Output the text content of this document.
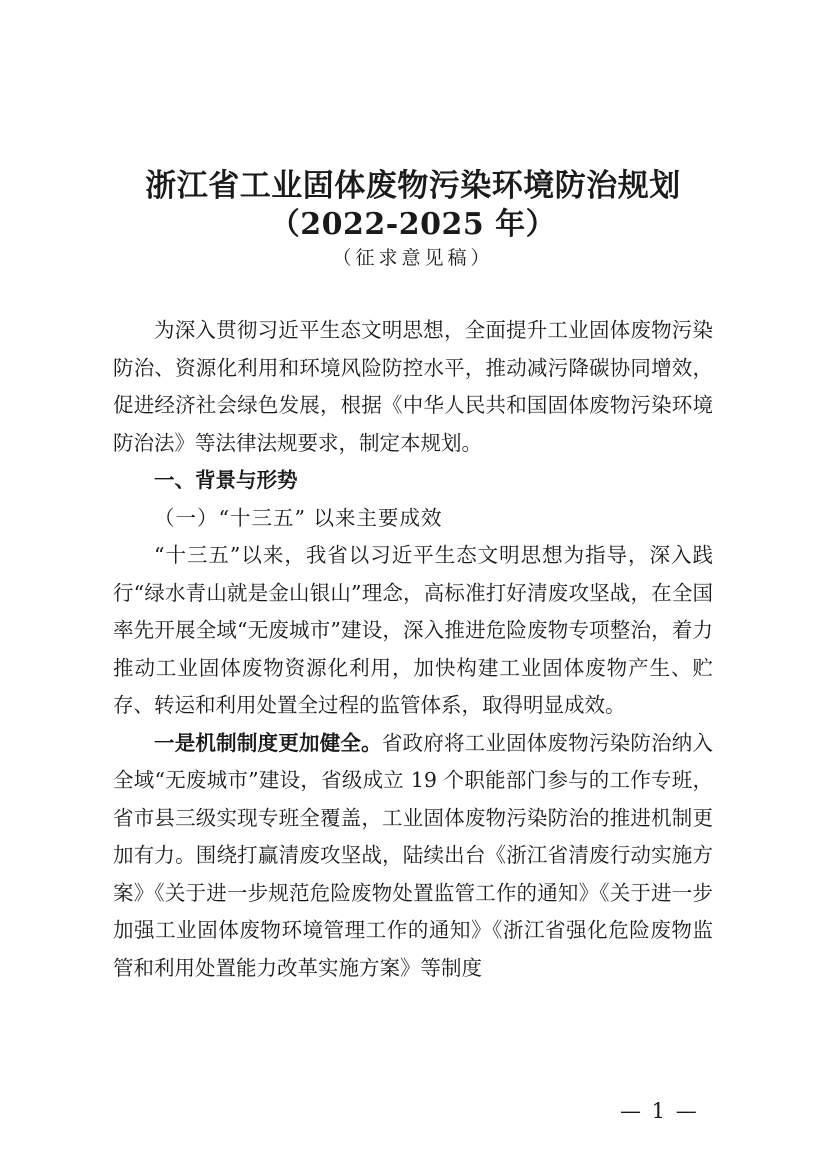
浙江省工业固体废物污染环境防治规划
（2022-2025 年）
（征求意见稿）

为深入贯彻习近平生态文明思想，全面提升工业固体废物污染防治、资源化利用和环境风险防控水平，推动减污降碳协同增效，促进经济社会绿色发展，根据《中华人民共和国固体废物污染环境防治法》等法律法规要求，制定本规划。

一、背景与形势

（一）“十三五” 以来主要成效

“十三五”以来，我省以习近平生态文明思想为指导，深入践行“绿水青山就是金山银山”理念，高标准打好清废攻坚战，在全国率先开展全域“无废城市”建设，深入推进危险废物专项整治，着力推动工业固体废物资源化利用，加快构建工业固体废物产生、贮存、转运和利用处置全过程的监管体系，取得明显成效。

一是机制制度更加健全。省政府将工业固体废物污染防治纳入全域“无废城市”建设，省级成立 19 个职能部门参与的工作专班，省市县三级实现专班全覆盖，工业固体废物污染防治的推进机制更加有力。围绕打赢清废攻坚战，陆续出台《浙江省清废行动实施方案》《关于进一步规范危险废物处置监管工作的通知》《关于进一步加强工业固体废物环境管理工作的通知》《浙江省强化危险废物监管和利用处置能力改革实施方案》等制度

— 1 —
